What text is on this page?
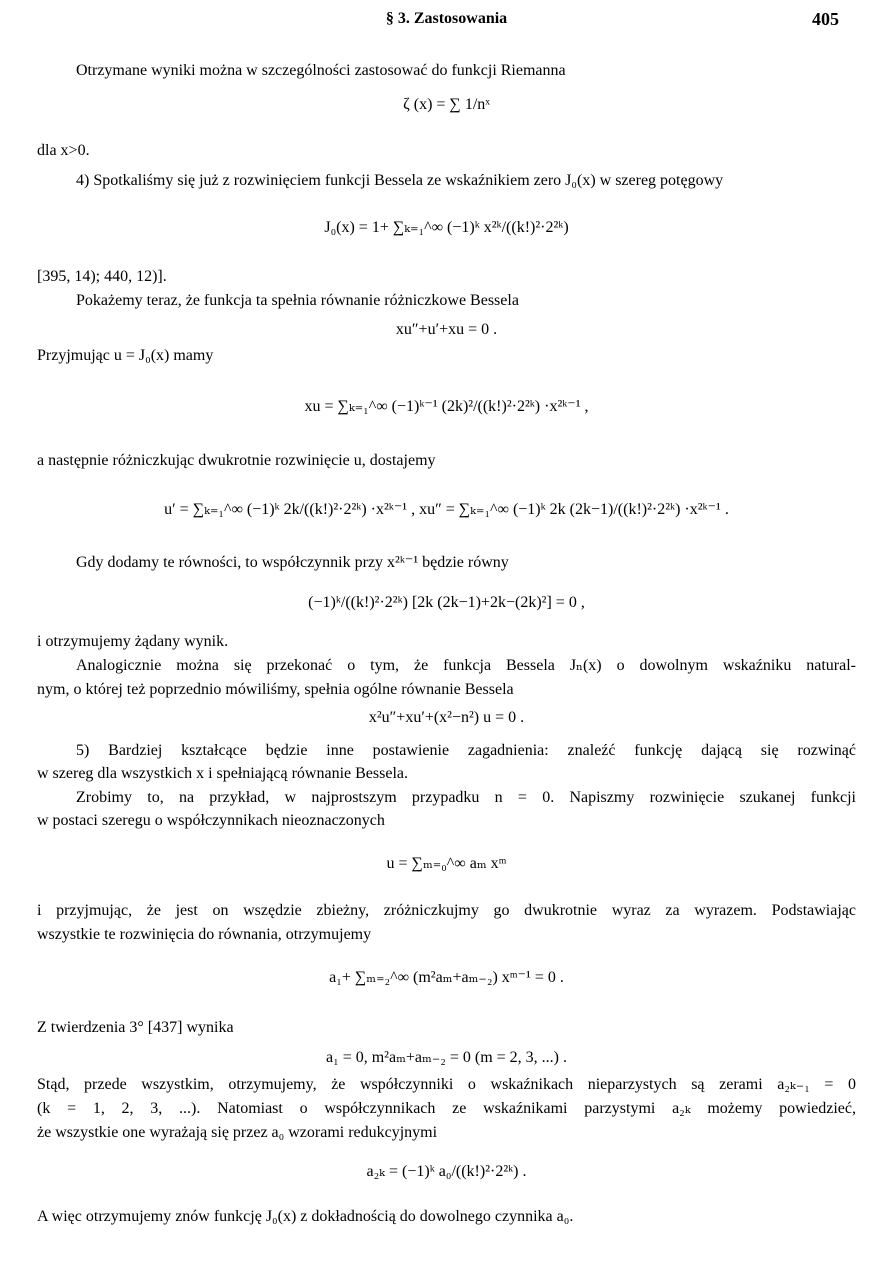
§ 3. Zastosowania	405
Otrzymane wyniki można w szczególności zastosować do funkcji Riemanna
ζ (x) = ∑ 1/nˣ
dla x>0.
4) Spotkaliśmy się już z rozwinięciem funkcji Bessela ze wskaźnikiem zero J₀(x) w szereg potęgowy
J₀(x) = 1+ ∑ₖ₌₁^∞ (−1)ᵏ x²ᵏ/((k!)²·2²ᵏ)
[395, 14); 440, 12)].
Pokażemy teraz, że funkcja ta spełnia równanie różniczkowe Bessela
xu″+u′+xu = 0 .
Przyjmując u = J₀(x) mamy
xu = ∑ₖ₌₁^∞ (−1)ᵏ⁻¹ (2k)²/((k!)²·2²ᵏ) ·x²ᵏ⁻¹ ,
a następnie różniczkując dwukrotnie rozwinięcie u, dostajemy
u′ = ∑ₖ₌₁^∞ (−1)ᵏ 2k/((k!)²·2²ᵏ) ·x²ᵏ⁻¹ , xu″ = ∑ₖ₌₁^∞ (−1)ᵏ 2k (2k−1)/((k!)²·2²ᵏ) ·x²ᵏ⁻¹ .
Gdy dodamy te równości, to współczynnik przy x²ᵏ⁻¹ będzie równy
(−1)ᵏ/((k!)²·2²ᵏ) [2k (2k−1)+2k−(2k)²] = 0 ,
i otrzymujemy żądany wynik.
Analogicznie można się przekonać o tym, że funkcja Bessela Jₙ(x) o dowolnym wskaźniku natural-
nym, o której też poprzednio mówiliśmy, spełnia ogólne równanie Bessela
x²u″+xu′+(x²−n²) u = 0 .
5) Bardziej kształcące będzie inne postawienie zagadnienia: znaleźć funkcję dającą się rozwinąć
w szereg dla wszystkich x i spełniającą równanie Bessela.
Zrobimy to, na przykład, w najprostszym przypadku n = 0. Napiszmy rozwinięcie szukanej funkcji
w postaci szeregu o współczynnikach nieoznaczonych
u = ∑ₘ₌₀^∞ aₘ xᵐ
i przyjmując, że jest on wszędzie zbieżny, zróżniczkujmy go dwukrotnie wyraz za wyrazem. Podstawiając
wszystkie te rozwinięcia do równania, otrzymujemy
a₁+ ∑ₘ₌₂^∞ (m²aₘ+aₘ₋₂) xᵐ⁻¹ = 0 .
Z twierdzenia 3° [437] wynika
a₁ = 0, m²aₘ+aₘ₋₂ = 0 (m = 2, 3, ...) .
Stąd, przede wszystkim, otrzymujemy, że współczynniki o wskaźnikach nieparzystych są zerami a₂ₖ₋₁ = 0
(k = 1, 2, 3, ...). Natomiast o współczynnikach ze wskaźnikami parzystymi a₂ₖ możemy powiedzieć,
że wszystkie one wyrażają się przez a₀ wzorami redukcyjnymi
a₂ₖ = (−1)ᵏ a₀/((k!)²·2²ᵏ) .
A więc otrzymujemy znów funkcję J₀(x) z dokładnością do dowolnego czynnika a₀.
